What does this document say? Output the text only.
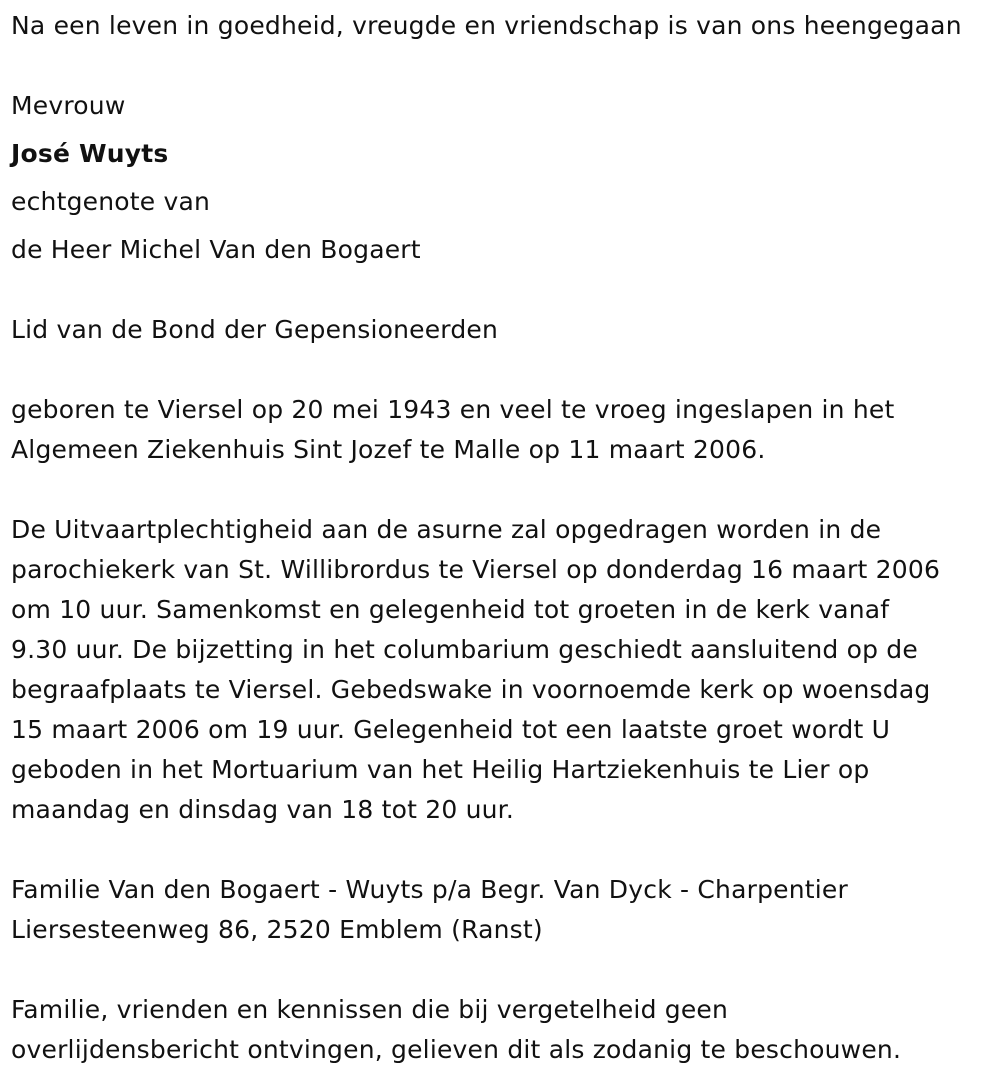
Na een leven in goedheid, vreugde en vriendschap is van ons heengegaan
Mevrouw
José Wuyts
echtgenote van
de Heer Michel Van den Bogaert
Lid van de Bond der Gepensioneerden
geboren te Viersel op 20 mei 1943 en veel te vroeg ingeslapen in het
Algemeen Ziekenhuis Sint Jozef te Malle op 11 maart 2006.
De Uitvaartplechtigheid aan de asurne zal opgedragen worden in de
parochiekerk van St. Willibrordus te Viersel op donderdag 16 maart 2006
om 10 uur. Samenkomst en gelegenheid tot groeten in de kerk vanaf
9.30 uur. De bijzetting in het columbarium geschiedt aansluitend op de
begraafplaats te Viersel. Gebedswake in voornoemde kerk op woensdag
15 maart 2006 om 19 uur. Gelegenheid tot een laatste groet wordt U
geboden in het Mortuarium van het Heilig Hartziekenhuis te Lier op
maandag en dinsdag van 18 tot 20 uur.
Familie Van den Bogaert - Wuyts p/a Begr. Van Dyck - Charpentier
Liersesteenweg 86, 2520 Emblem (Ranst)
Familie, vrienden en kennissen die bij vergetelheid geen
overlijdensbericht ontvingen, gelieven dit als zodanig te beschouwen.
